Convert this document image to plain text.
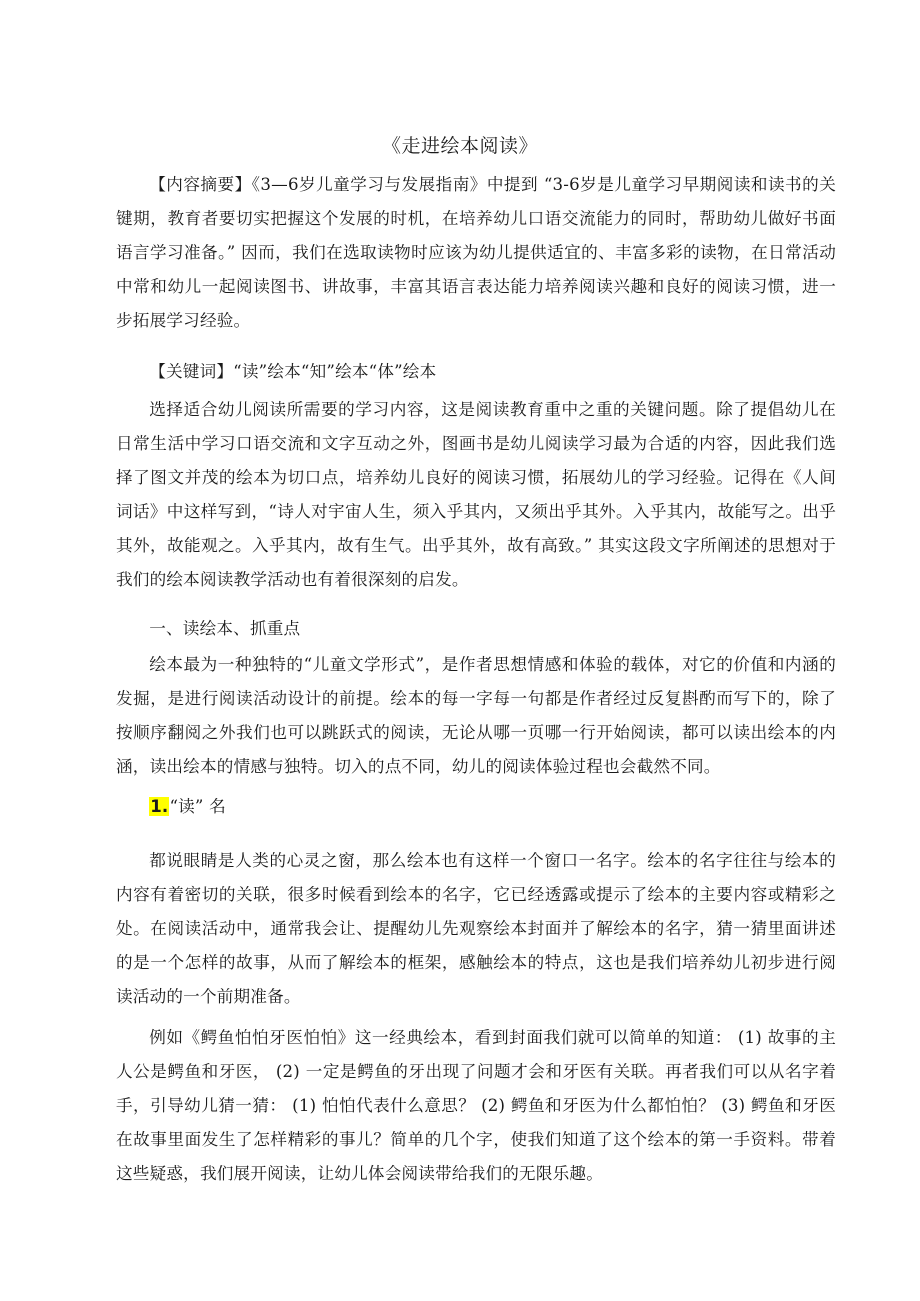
《走进绘本阅读》

【内容摘要】《3—6岁儿童学习与发展指南》中提到 “3-6岁是儿童学习早期阅读和读书的关键期，教育者要切实把握这个发展的时机，在培养幼儿口语交流能力的同时，帮助幼儿做好书面语言学习准备。” 因而，我们在选取读物时应该为幼儿提供适宜的、丰富多彩的读物，在日常活动中常和幼儿一起阅读图书、讲故事，丰富其语言表达能力培养阅读兴趣和良好的阅读习惯，进一步拓展学习经验。

【关键词】“读”绘本“知”绘本“体”绘本

选择适合幼儿阅读所需要的学习内容，这是阅读教育重中之重的关键问题。除了提倡幼儿在日常生活中学习口语交流和文字互动之外，图画书是幼儿阅读学习最为合适的内容，因此我们选择了图文并茂的绘本为切口点，培养幼儿良好的阅读习惯，拓展幼儿的学习经验。记得在《人间词话》中这样写到，“诗人对宇宙人生，须入乎其内，又须出乎其外。入乎其内，故能写之。出乎其外，故能观之。入乎其内，故有生气。出乎其外，故有高致。” 其实这段文字所阐述的思想对于我们的绘本阅读教学活动也有着很深刻的启发。

一、读绘本、抓重点

绘本最为一种独特的“儿童文学形式”，是作者思想情感和体验的载体，对它的价值和内涵的发掘，是进行阅读活动设计的前提。绘本的每一字每一句都是作者经过反复斟酌而写下的，除了按顺序翻阅之外我们也可以跳跃式的阅读，无论从哪一页哪一行开始阅读，都可以读出绘本的内涵，读出绘本的情感与独特。切入的点不同，幼儿的阅读体验过程也会截然不同。

1.“读” 名

都说眼睛是人类的心灵之窗，那么绘本也有这样一个窗口一名字。绘本的名字往往与绘本的内容有着密切的关联，很多时候看到绘本的名字，它已经透露或提示了绘本的主要内容或精彩之处。在阅读活动中，通常我会让、提醒幼儿先观察绘本封面并了解绘本的名字，猜一猜里面讲述的是一个怎样的故事，从而了解绘本的框架，感触绘本的特点，这也是我们培养幼儿初步进行阅读活动的一个前期准备。

例如《鳄鱼怕怕牙医怕怕》这一经典绘本，看到封面我们就可以简单的知道： (1) 故事的主人公是鳄鱼和牙医， (2) 一定是鳄鱼的牙出现了问题才会和牙医有关联。再者我们可以从名字着手，引导幼儿猜一猜： (1) 怕怕代表什么意思？ (2) 鳄鱼和牙医为什么都怕怕？ (3) 鳄鱼和牙医在故事里面发生了怎样精彩的事儿？简单的几个字，使我们知道了这个绘本的第一手资料。带着这些疑惑，我们展开阅读，让幼儿体会阅读带给我们的无限乐趣。
